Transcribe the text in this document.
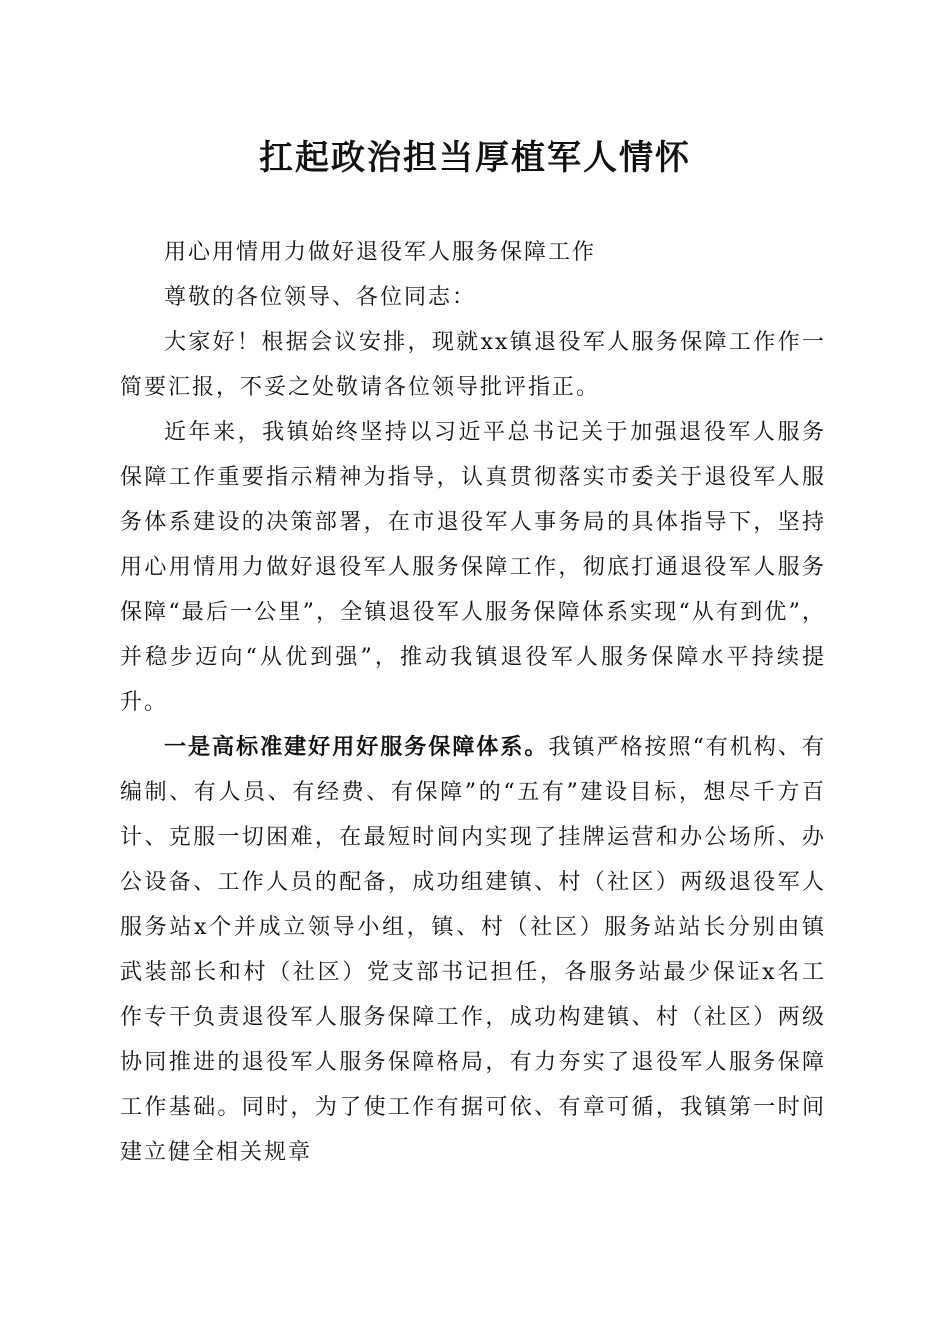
扛起政治担当厚植军人情怀

用心用情用力做好退役军人服务保障工作

尊敬的各位领导、各位同志：

大家好！根据会议安排，现就xx镇退役军人服务保障工作作一简要汇报，不妥之处敬请各位领导批评指正。

近年来，我镇始终坚持以习近平总书记关于加强退役军人服务保障工作重要指示精神为指导，认真贯彻落实市委关于退役军人服务体系建设的决策部署，在市退役军人事务局的具体指导下，坚持用心用情用力做好退役军人服务保障工作，彻底打通退役军人服务保障“最后一公里”，全镇退役军人服务保障体系实现“从有到优”，并稳步迈向“从优到强”，推动我镇退役军人服务保障水平持续提升。

一是高标准建好用好服务保障体系。我镇严格按照“有机构、有编制、有人员、有经费、有保障”的“五有”建设目标，想尽千方百计、克服一切困难，在最短时间内实现了挂牌运营和办公场所、办公设备、工作人员的配备，成功组建镇、村（社区）两级退役军人服务站x个并成立领导小组，镇、村（社区）服务站站长分别由镇武装部长和村（社区）党支部书记担任，各服务站最少保证x名工作专干负责退役军人服务保障工作，成功构建镇、村（社区）两级协同推进的退役军人服务保障格局，有力夯实了退役军人服务保障工作基础。同时，为了使工作有据可依、有章可循，我镇第一时间建立健全相关规章
